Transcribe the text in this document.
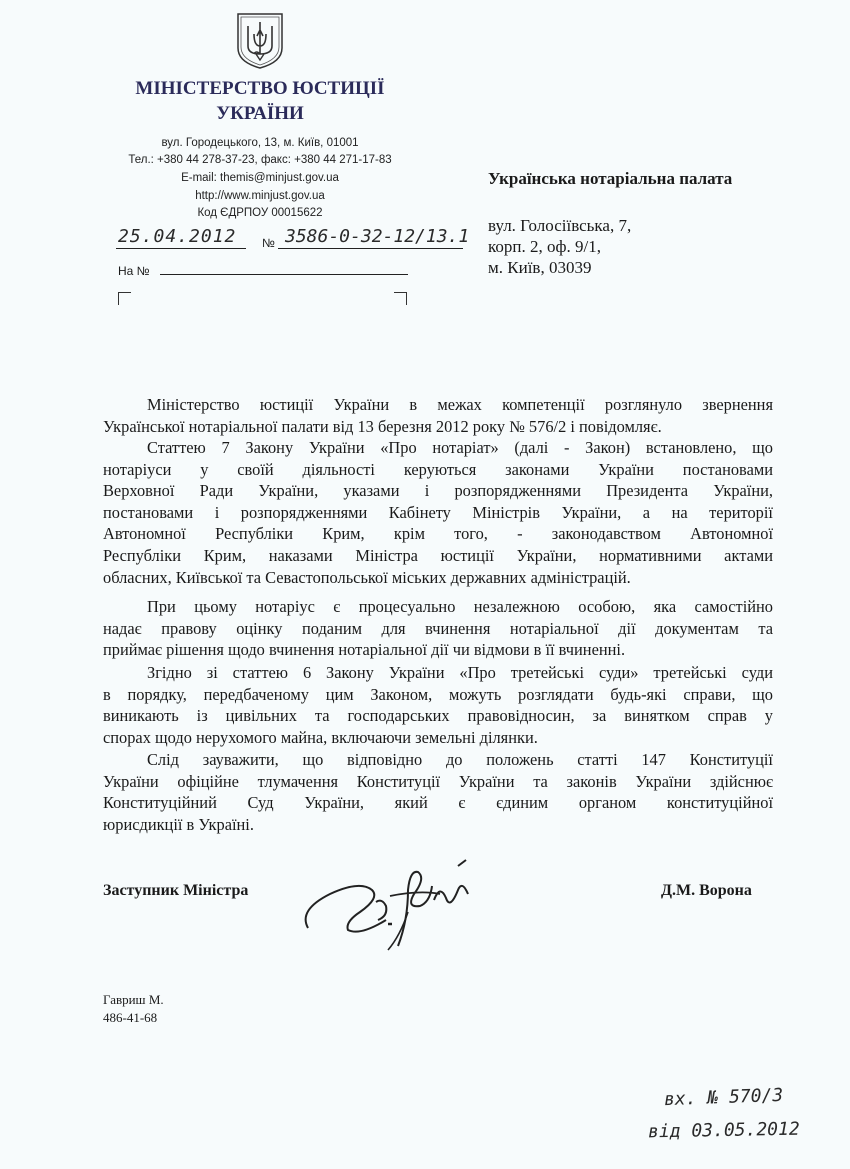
МІНІСТЕРСТВО ЮСТИЦІЇ
УКРАЇНИ
вул. Городецького, 13, м. Київ, 01001
Тел.: +380 44 278-37-23, факс: +380 44 271-17-83
E-mail: themis@minjust.gov.ua
http://www.minjust.gov.ua
Код ЄДРПОУ 00015622
25.04.2012 № 3586-0-32-12/13.1
На №
Українська нотаріальна палата
вул. Голосіївська, 7,
корп. 2, оф. 9/1,
м. Київ, 03039
Міністерство юстиції України в межах компетенції розглянуло звернення
Української нотаріальної палати від 13 березня 2012 року № 576/2 і повідомляє.
Статтею 7 Закону України «Про нотаріат» (далі - Закон) встановлено, що
нотаріуси у своїй діяльності керуються законами України постановами
Верховної Ради України, указами і розпорядженнями Президента України,
постановами і розпорядженнями Кабінету Міністрів України, а на території
Автономної Республіки Крим, крім того, - законодавством Автономної
Республіки Крим, наказами Міністра юстиції України, нормативними актами
обласних, Київської та Севастопольської міських державних адміністрацій.
При цьому нотаріус є процесуально незалежною особою, яка самостійно
надає правову оцінку поданим для вчинення нотаріальної дії документам та
приймає рішення щодо вчинення нотаріальної дії чи відмови в її вчиненні.
Згідно зі статтею 6 Закону України «Про третейські суди» третейські суди
в порядку, передбаченому цим Законом, можуть розглядати будь-які справи, що
виникають із цивільних та господарських правовідносин, за винятком справ у
спорах щодо нерухомого майна, включаючи земельні ділянки.
Слід зауважити, що відповідно до положень статті 147 Конституції
України офіційне тлумачення Конституції України та законів України здійснює
Конституційний Суд України, який є єдиним органом конституційної
юрисдикції в Україні.
Заступник Міністра	Д.М. Ворона
Гавриш М.
486-41-68
вх. № 570/3
від 03.05.2012
